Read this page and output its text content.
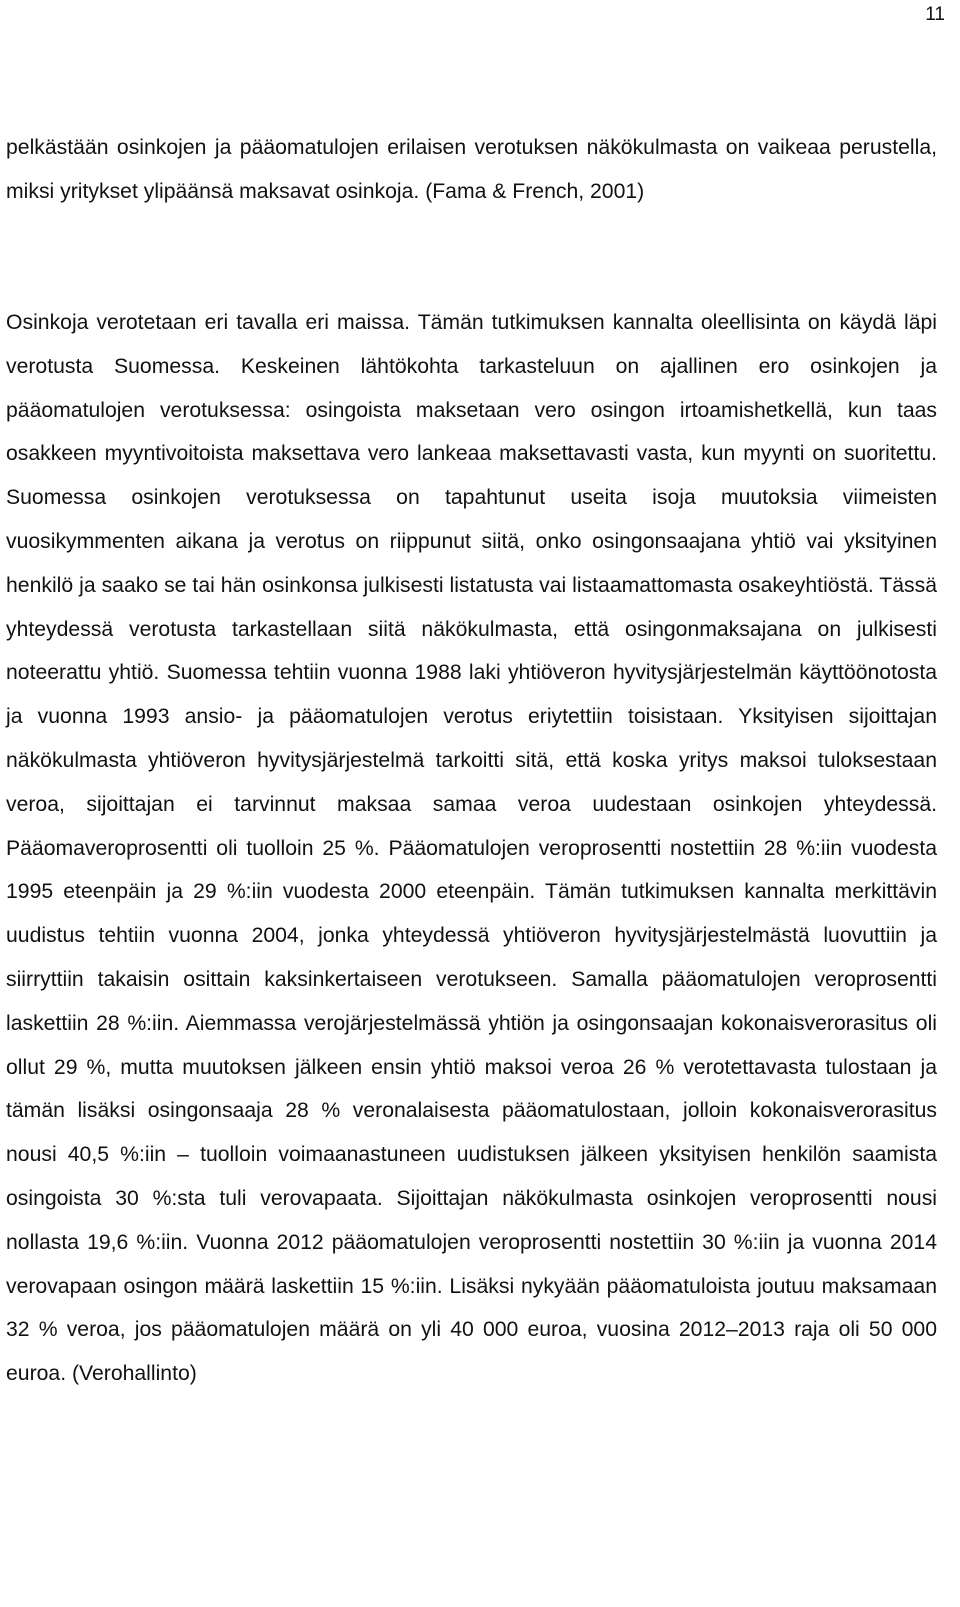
11

pelkästään osinkojen ja pääomatulojen erilaisen verotuksen näkökulmasta on vaikeaa perustella, miksi yritykset ylipäänsä maksavat osinkoja. (Fama & French, 2001)

Osinkoja verotetaan eri tavalla eri maissa. Tämän tutkimuksen kannalta oleellisinta on käydä läpi verotusta Suomessa. Keskeinen lähtökohta tarkasteluun on ajallinen ero osinkojen ja pääomatulojen verotuksessa: osingoista maksetaan vero osingon irtoamishetkellä, kun taas osakkeen myyntivoitoista maksettava vero lankeaa maksettavasti vasta, kun myynti on suoritettu. Suomessa osinkojen verotuksessa on tapahtunut useita isoja muutoksia viimeisten vuosikymmenten aikana ja verotus on riippunut siitä, onko osingonsaajana yhtiö vai yksityinen henkilö ja saako se tai hän osinkonsa julkisesti listatusta vai listaamattomasta osakeyhtiöstä. Tässä yhteydessä verotusta tarkastellaan siitä näkökulmasta, että osingonmaksajana on julkisesti noteerattu yhtiö. Suomessa tehtiin vuonna 1988 laki yhtiöveron hyvitysjärjestelmän käyttöönotosta ja vuonna 1993 ansio- ja pääomatulojen verotus eriytettiin toisistaan. Yksityisen sijoittajan näkökulmasta yhtiöveron hyvitysjärjestelmä tarkoitti sitä, että koska yritys maksoi tuloksestaan veroa, sijoittajan ei tarvinnut maksaa samaa veroa uudestaan osinkojen yhteydessä. Pääomaveroprosentti oli tuolloin 25 %. Pääomatulojen veroprosentti nostettiin 28 %:iin vuodesta 1995 eteenpäin ja 29 %:iin vuodesta 2000 eteenpäin. Tämän tutkimuksen kannalta merkittävin uudistus tehtiin vuonna 2004, jonka yhteydessä yhtiöveron hyvitysjärjestelmästä luovuttiin ja siirryttiin takaisin osittain kaksinkertaiseen verotukseen. Samalla pääomatulojen veroprosentti laskettiin 28 %:iin. Aiemmassa verojärjestelmässä yhtiön ja osingonsaajan kokonaisverorasitus oli ollut 29 %, mutta muutoksen jälkeen ensin yhtiö maksoi veroa 26 % verotettavasta tulostaan ja tämän lisäksi osingonsaaja 28 % veronalaisesta pääomatulostaan, jolloin kokonaisverorasitus nousi 40,5 %:iin – tuolloin voimaanastuneen uudistuksen jälkeen yksityisen henkilön saamista osingoista 30 %:sta tuli verovapaata. Sijoittajan näkökulmasta osinkojen veroprosentti nousi nollasta 19,6 %:iin. Vuonna 2012 pääomatulojen veroprosentti nostettiin 30 %:iin ja vuonna 2014 verovapaan osingon määrä laskettiin 15 %:iin. Lisäksi nykyään pääomatuloista joutuu maksamaan 32 % veroa, jos pääomatulojen määrä on yli 40 000 euroa, vuosina 2012–2013 raja oli 50 000 euroa. (Verohallinto)
